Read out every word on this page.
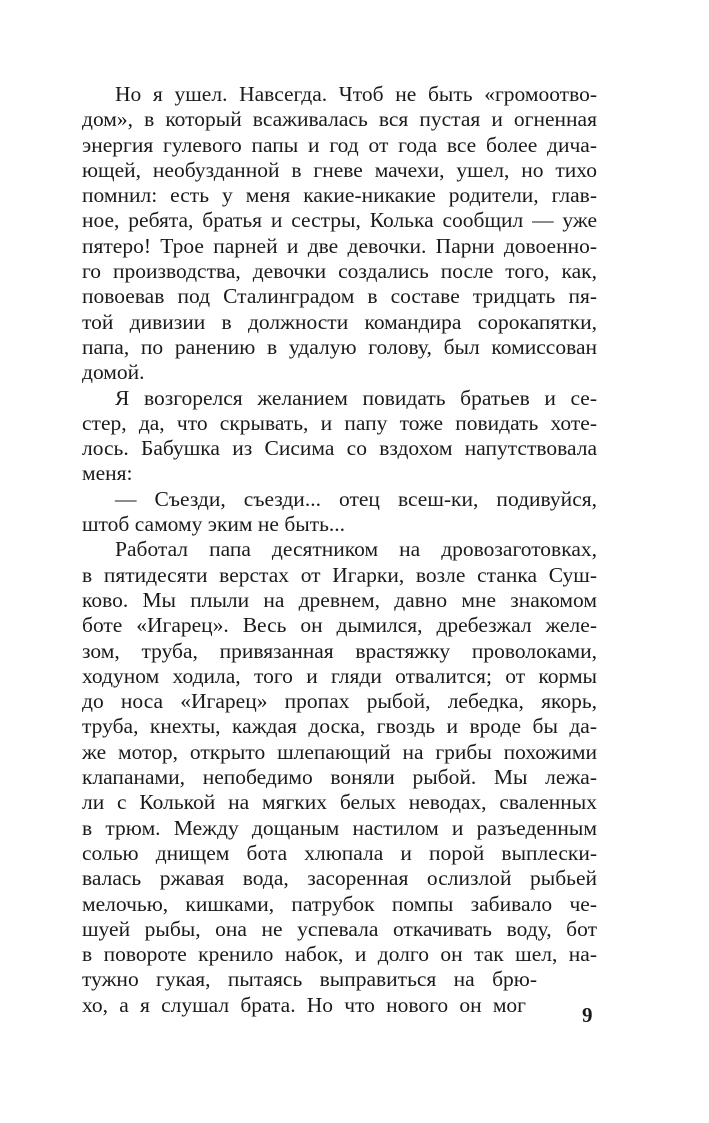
Но я ушел. Навсегда. Чтоб не быть «громоотво-
дом», в который всаживалась вся пустая и огненная
энергия гулевого папы и год от года все более дича-
ющей, необузданной в гневе мачехи, ушел, но тихо
помнил: есть у меня какие-никакие родители, глав-
ное, ребята, братья и сестры, Колька сообщил — уже
пятеро! Трое парней и две девочки. Парни довоенно-
го производства, девочки создались после того, как,
повоевав под Сталинградом в составе тридцать пя-
той дивизии в должности командира сорокапятки,
папа, по ранению в удалую голову, был комиссован
домой.
Я возгорелся желанием повидать братьев и се-
стер, да, что скрывать, и папу тоже повидать хоте-
лось. Бабушка из Сисима со вздохом напутствовала
меня:
— Съезди, съезди... отец всеш-ки, подивуйся,
штоб самому эким не быть...
Работал папа десятником на дровозаготовках,
в пятидесяти верстах от Игарки, возле станка Суш-
ково. Мы плыли на древнем, давно мне знакомом
боте «Игарец». Весь он дымился, дребезжал желе-
зом, труба, привязанная врастяжку проволоками,
ходуном ходила, того и гляди отвалится; от кормы
до носа «Игарец» пропах рыбой, лебедка, якорь,
труба, кнехты, каждая доска, гвоздь и вроде бы да-
же мотор, открыто шлепающий на грибы похожими
клапанами, непобедимо воняли рыбой. Мы лежа-
ли с Колькой на мягких белых неводах, сваленных
в трюм. Между дощаным настилом и разъеденным
солью днищем бота хлюпала и порой выплески-
валась ржавая вода, засоренная ослизлой рыбьей
мелочью, кишками, патрубок помпы забивало че-
шуей рыбы, она не успевала откачивать воду, бот
в повороте кренило набок, и долго он так шел, на-
тужно гукая, пытаясь выправиться на брю-
хо, а я слушал брата. Но что нового он мог	9
